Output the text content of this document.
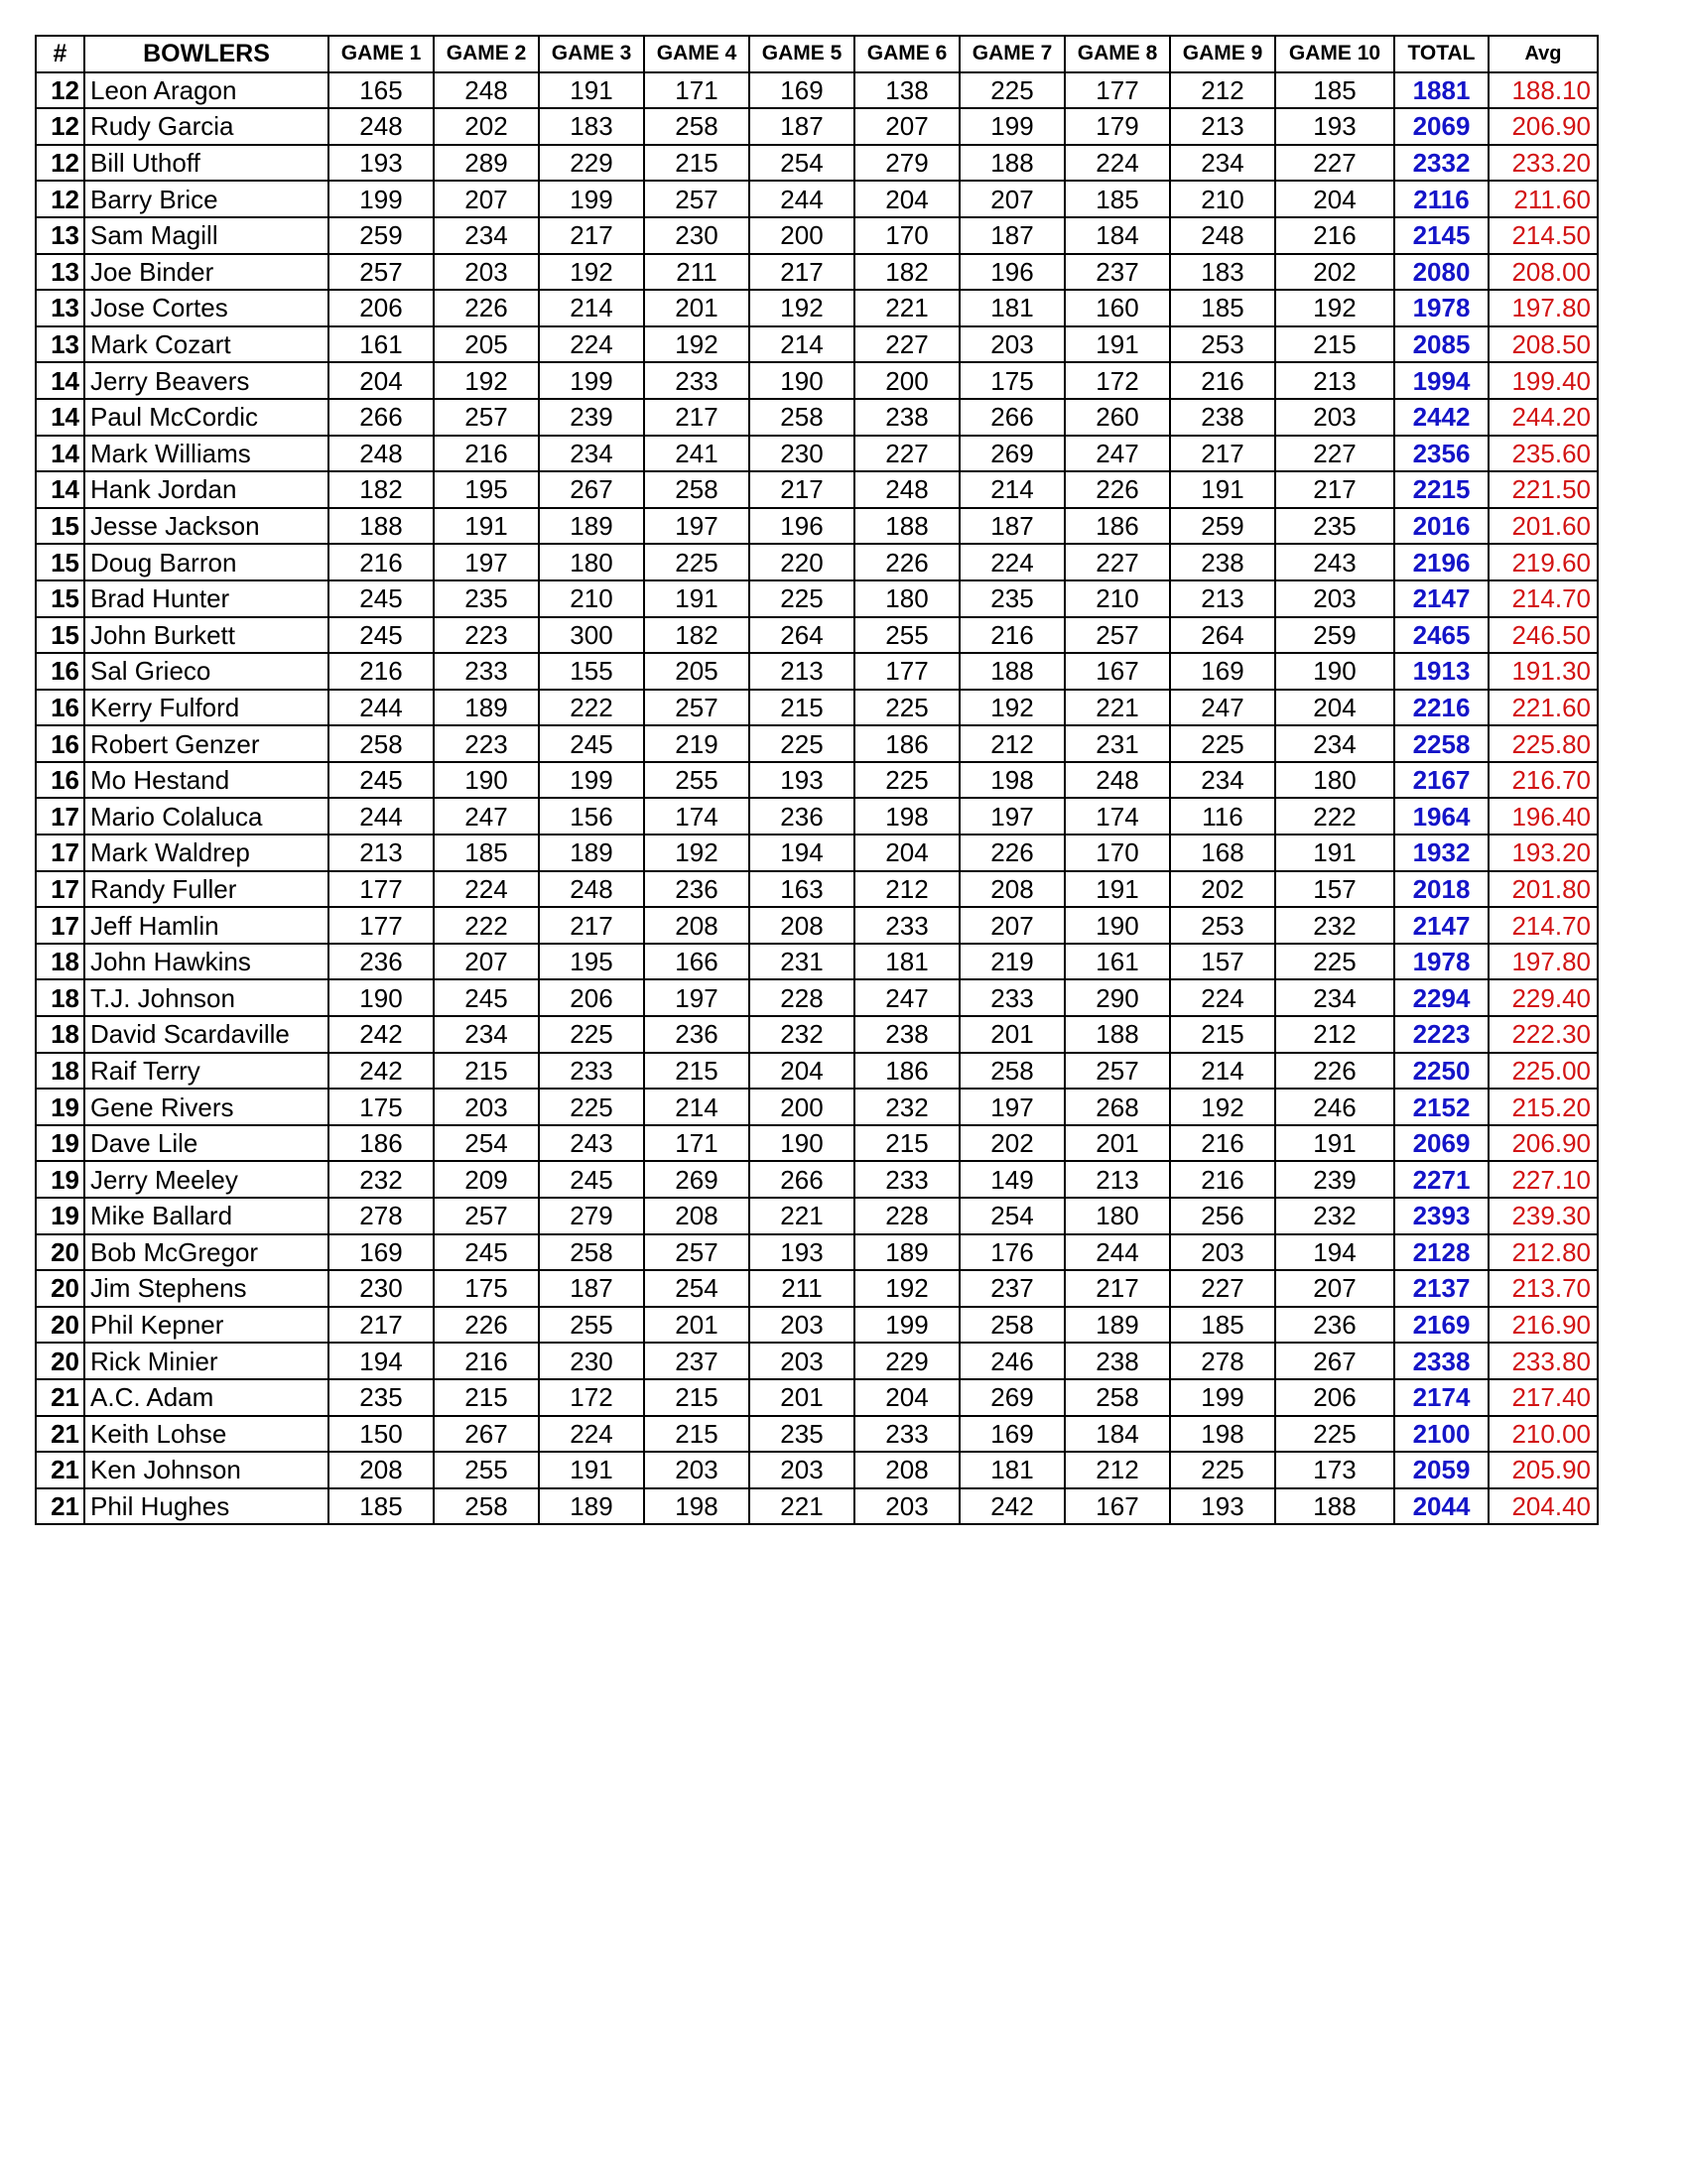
#	BOWLERS	GAME 1	GAME 2	GAME 3	GAME 4	GAME 5	GAME 6	GAME 7	GAME 8	GAME 9	GAME 10	TOTAL	Avg
12	Leon Aragon	165	248	191	171	169	138	225	177	212	185	1881	188.10
12	Rudy Garcia	248	202	183	258	187	207	199	179	213	193	2069	206.90
12	Bill Uthoff	193	289	229	215	254	279	188	224	234	227	2332	233.20
12	Barry Brice	199	207	199	257	244	204	207	185	210	204	2116	211.60
13	Sam Magill	259	234	217	230	200	170	187	184	248	216	2145	214.50
13	Joe Binder	257	203	192	211	217	182	196	237	183	202	2080	208.00
13	Jose Cortes	206	226	214	201	192	221	181	160	185	192	1978	197.80
13	Mark Cozart	161	205	224	192	214	227	203	191	253	215	2085	208.50
14	Jerry Beavers	204	192	199	233	190	200	175	172	216	213	1994	199.40
14	Paul McCordic	266	257	239	217	258	238	266	260	238	203	2442	244.20
14	Mark Williams	248	216	234	241	230	227	269	247	217	227	2356	235.60
14	Hank Jordan	182	195	267	258	217	248	214	226	191	217	2215	221.50
15	Jesse Jackson	188	191	189	197	196	188	187	186	259	235	2016	201.60
15	Doug Barron	216	197	180	225	220	226	224	227	238	243	2196	219.60
15	Brad Hunter	245	235	210	191	225	180	235	210	213	203	2147	214.70
15	John Burkett	245	223	300	182	264	255	216	257	264	259	2465	246.50
16	Sal Grieco	216	233	155	205	213	177	188	167	169	190	1913	191.30
16	Kerry Fulford	244	189	222	257	215	225	192	221	247	204	2216	221.60
16	Robert Genzer	258	223	245	219	225	186	212	231	225	234	2258	225.80
16	Mo Hestand	245	190	199	255	193	225	198	248	234	180	2167	216.70
17	Mario Colaluca	244	247	156	174	236	198	197	174	116	222	1964	196.40
17	Mark Waldrep	213	185	189	192	194	204	226	170	168	191	1932	193.20
17	Randy Fuller	177	224	248	236	163	212	208	191	202	157	2018	201.80
17	Jeff Hamlin	177	222	217	208	208	233	207	190	253	232	2147	214.70
18	John Hawkins	236	207	195	166	231	181	219	161	157	225	1978	197.80
18	T.J. Johnson	190	245	206	197	228	247	233	290	224	234	2294	229.40
18	David Scardaville	242	234	225	236	232	238	201	188	215	212	2223	222.30
18	Raif Terry	242	215	233	215	204	186	258	257	214	226	2250	225.00
19	Gene Rivers	175	203	225	214	200	232	197	268	192	246	2152	215.20
19	Dave Lile	186	254	243	171	190	215	202	201	216	191	2069	206.90
19	Jerry Meeley	232	209	245	269	266	233	149	213	216	239	2271	227.10
19	Mike Ballard	278	257	279	208	221	228	254	180	256	232	2393	239.30
20	Bob McGregor	169	245	258	257	193	189	176	244	203	194	2128	212.80
20	Jim Stephens	230	175	187	254	211	192	237	217	227	207	2137	213.70
20	Phil Kepner	217	226	255	201	203	199	258	189	185	236	2169	216.90
20	Rick Minier	194	216	230	237	203	229	246	238	278	267	2338	233.80
21	A.C. Adam	235	215	172	215	201	204	269	258	199	206	2174	217.40
21	Keith Lohse	150	267	224	215	235	233	169	184	198	225	2100	210.00
21	Ken Johnson	208	255	191	203	203	208	181	212	225	173	2059	205.90
21	Phil Hughes	185	258	189	198	221	203	242	167	193	188	2044	204.40
